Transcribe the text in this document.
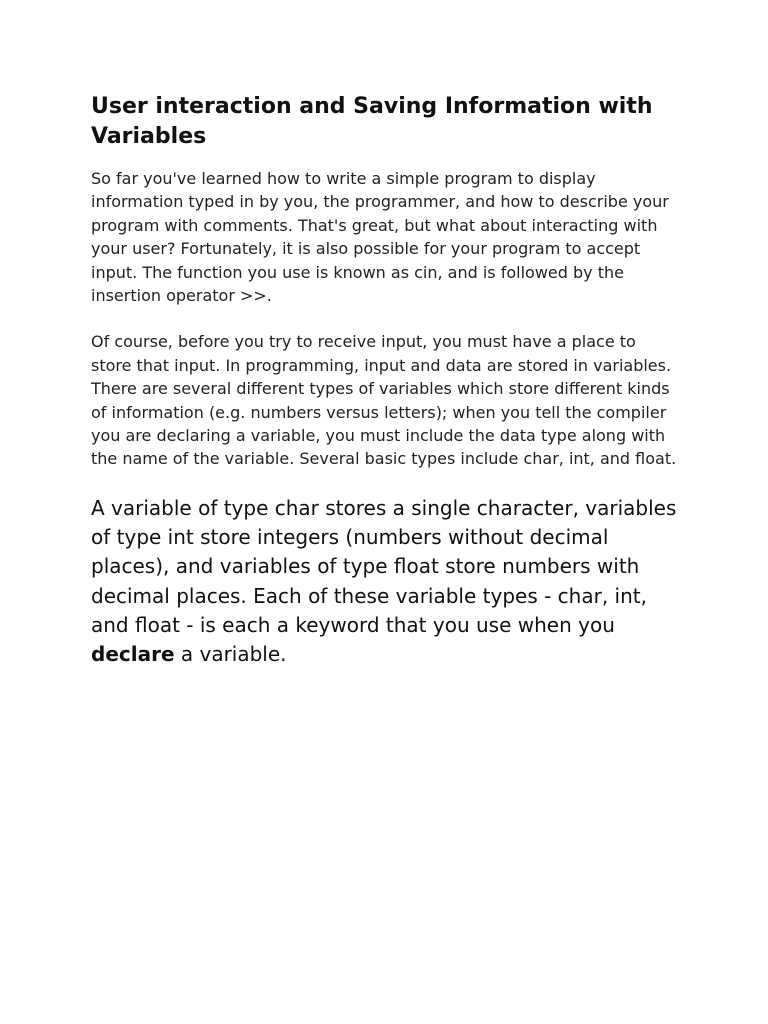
User interaction and Saving Information with Variables

So far you've learned how to write a simple program to display information typed in by you, the programmer, and how to describe your program with comments. That's great, but what about interacting with your user? Fortunately, it is also possible for your program to accept input. The function you use is known as cin, and is followed by the insertion operator >>.

Of course, before you try to receive input, you must have a place to store that input. In programming, input and data are stored in variables. There are several different types of variables which store different kinds of information (e.g. numbers versus letters); when you tell the compiler you are declaring a variable, you must include the data type along with the name of the variable. Several basic types include char, int, and float.

A variable of type char stores a single character, variables of type int store integers (numbers without decimal places), and variables of type float store numbers with decimal places. Each of these variable types - char, int, and float - is each a keyword that you use when you declare a variable.
